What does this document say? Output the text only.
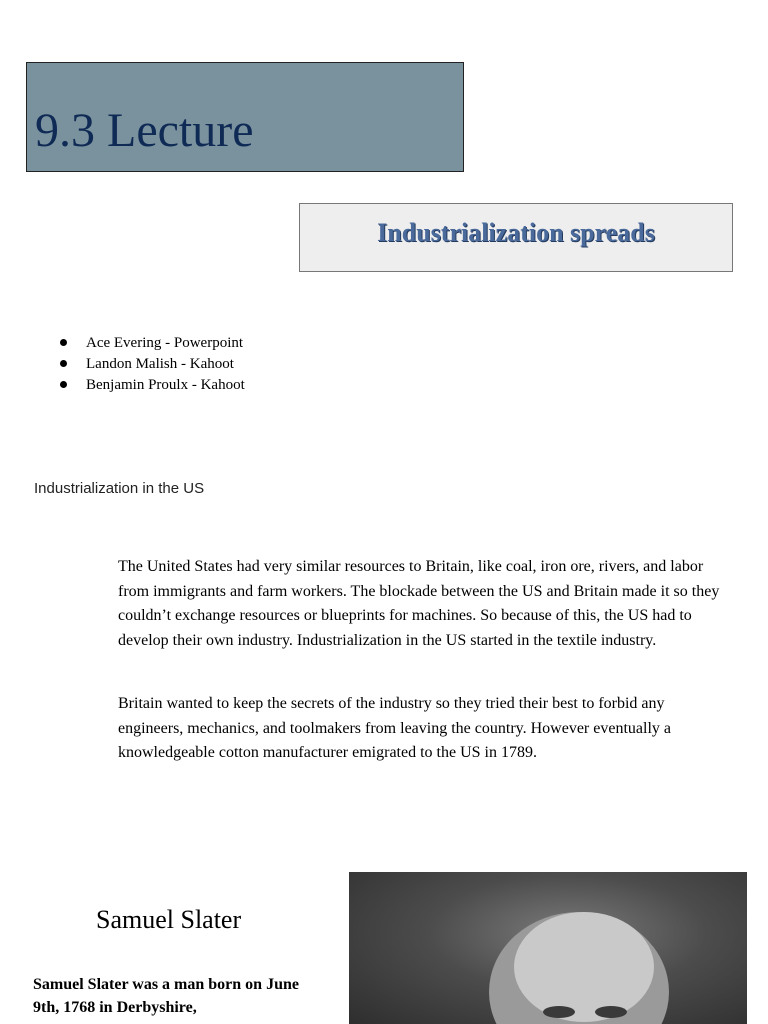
9.3 Lecture
Industrialization spreads
Ace Evering - Powerpoint
Landon Malish - Kahoot
Benjamin Proulx - Kahoot
Industrialization in the US

The United States had very similar resources to Britain, like coal, iron ore, rivers, and labor from immigrants and farm workers. The blockade between the US and Britain made it so they couldn’t exchange resources or blueprints for machines. So because of this, the US had to develop their own industry. Industrialization in the US started in the textile industry.

Britain wanted to keep the secrets of the industry so they tried their best to forbid any engineers, mechanics, and toolmakers from leaving the country. However eventually a knowledgeable cotton manufacturer emigrated to the US in 1789.

Samuel Slater

Samuel Slater was a man born on June 9th, 1768 in Derbyshire,
